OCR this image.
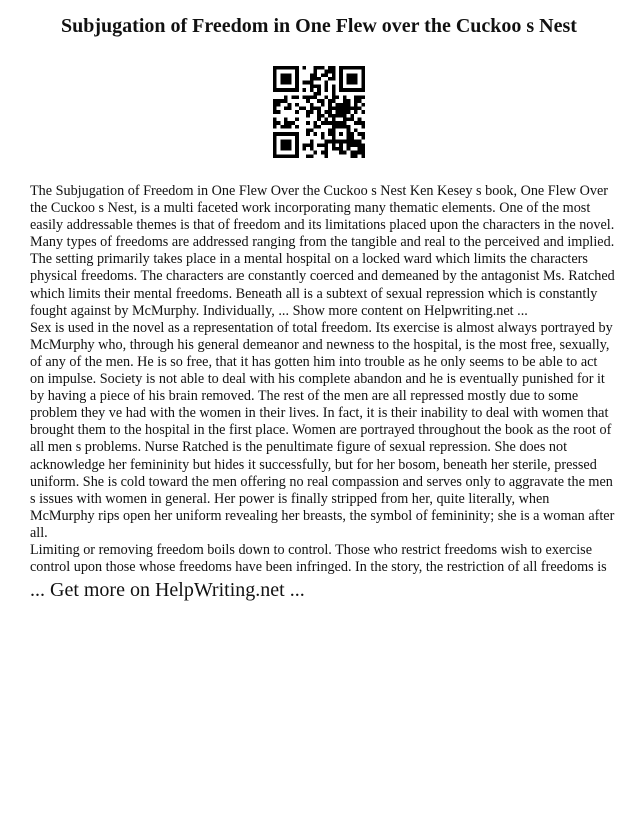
Subjugation of Freedom in One Flew over the Cuckoo s Nest

The Subjugation of Freedom in One Flew Over the Cuckoo s Nest Ken Kesey s book, One Flew Over the Cuckoo s Nest, is a multi faceted work incorporating many thematic elements. One of the most easily addressable themes is that of freedom and its limitations placed upon the characters in the novel. Many types of freedoms are addressed ranging from the tangible and real to the perceived and implied. The setting primarily takes place in a mental hospital on a locked ward which limits the characters physical freedoms. The characters are constantly coerced and demeaned by the antagonist Ms. Ratched which limits their mental freedoms. Beneath all is a subtext of sexual repression which is constantly fought against by McMurphy. Individually, ... Show more content on Helpwriting.net ...

Sex is used in the novel as a representation of total freedom. Its exercise is almost always portrayed by McMurphy who, through his general demeanor and newness to the hospital, is the most free, sexually, of any of the men. He is so free, that it has gotten him into trouble as he only seems to be able to act on impulse. Society is not able to deal with his complete abandon and he is eventually punished for it by having a piece of his brain removed. The rest of the men are all repressed mostly due to some problem they ve had with the women in their lives. In fact, it is their inability to deal with women that brought them to the hospital in the first place. Women are portrayed throughout the book as the root of all men s problems. Nurse Ratched is the penultimate figure of sexual repression. She does not acknowledge her femininity but hides it successfully, but for her bosom, beneath her sterile, pressed uniform. She is cold toward the men offering no real compassion and serves only to aggravate the men s issues with women in general. Her power is finally stripped from her, quite literally, when McMurphy rips open her uniform revealing her breasts, the symbol of femininity; she is a woman after all.

Limiting or removing freedom boils down to control. Those who restrict freedoms wish to exercise control upon those whose freedoms have been infringed. In the story, the restriction of all freedoms is

... Get more on HelpWriting.net ...
